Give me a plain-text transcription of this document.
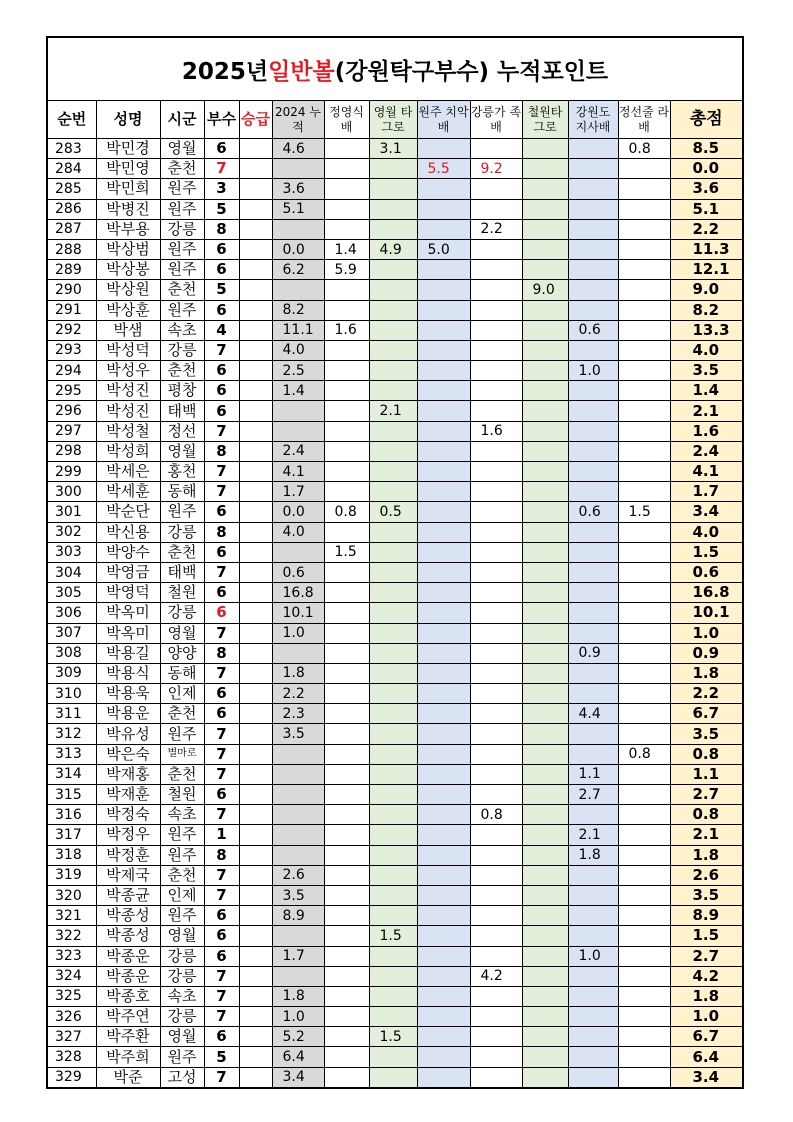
2025년 일반볼 (강원탁구부수) 누적포인트
순번	성명	시군	부수	승급	2024 누적	정영식 배	영월 타그로	원주 치악배	강릉가 족배	철원타 그로	강원도 지사배	정선줄 라배	총점
283	박민경	영월	6		4.6		3.1					0.8	8.5
284	박민영	춘천	7					5.5	9.2				0.0
285	박민희	원주	3		3.6								3.6
286	박병진	원주	5		5.1								5.1
287	박부용	강릉	8						2.2				2.2
288	박상범	원주	6		0.0	1.4	4.9	5.0					11.3
289	박상봉	원주	6		6.2	5.9							12.1
290	박상원	춘천	5							9.0			9.0
291	박상훈	원주	6		8.2								8.2
292	박샘	속초	4		11.1	1.6					0.6		13.3
293	박성덕	강릉	7		4.0								4.0
294	박성우	춘천	6		2.5						1.0		3.5
295	박성진	평창	6		1.4								1.4
296	박성진	태백	6				2.1						2.1
297	박성철	정선	7						1.6				1.6
298	박성희	영월	8		2.4								2.4
299	박세은	홍천	7		4.1								4.1
300	박세훈	동해	7		1.7								1.7
301	박순단	원주	6		0.0	0.8	0.5				0.6	1.5	3.4
302	박신용	강릉	8		4.0								4.0
303	박양수	춘천	6			1.5							1.5
304	박영금	태백	7		0.6								0.6
305	박영덕	철원	6		16.8								16.8
306	박옥미	강릉	6		10.1								10.1
307	박옥미	영월	7		1.0								1.0
308	박용길	양양	8								0.9		0.9
309	박용식	동해	7		1.8								1.8
310	박용욱	인제	6		2.2								2.2
311	박용운	춘천	6		2.3						4.4		6.7
312	박유성	원주	7		3.5								3.5
313	박은숙	별마로	7									0.8	0.8
314	박재홍	춘천	7								1.1		1.1
315	박재훈	철원	6								2.7		2.7
316	박정숙	속초	7						0.8				0.8
317	박정우	원주	1								2.1		2.1
318	박정훈	원주	8								1.8		1.8
319	박제국	춘천	7		2.6								2.6
320	박종균	인제	7		3.5								3.5
321	박종성	원주	6		8.9								8.9
322	박종성	영월	6				1.5						1.5
323	박종운	강릉	6		1.7						1.0		2.7
324	박종운	강릉	7						4.2				4.2
325	박종호	속초	7		1.8								1.8
326	박주연	강릉	7		1.0								1.0
327	박주환	영월	6		5.2		1.5						6.7
328	박주희	원주	5		6.4								6.4
329	박준	고성	7		3.4								3.4
